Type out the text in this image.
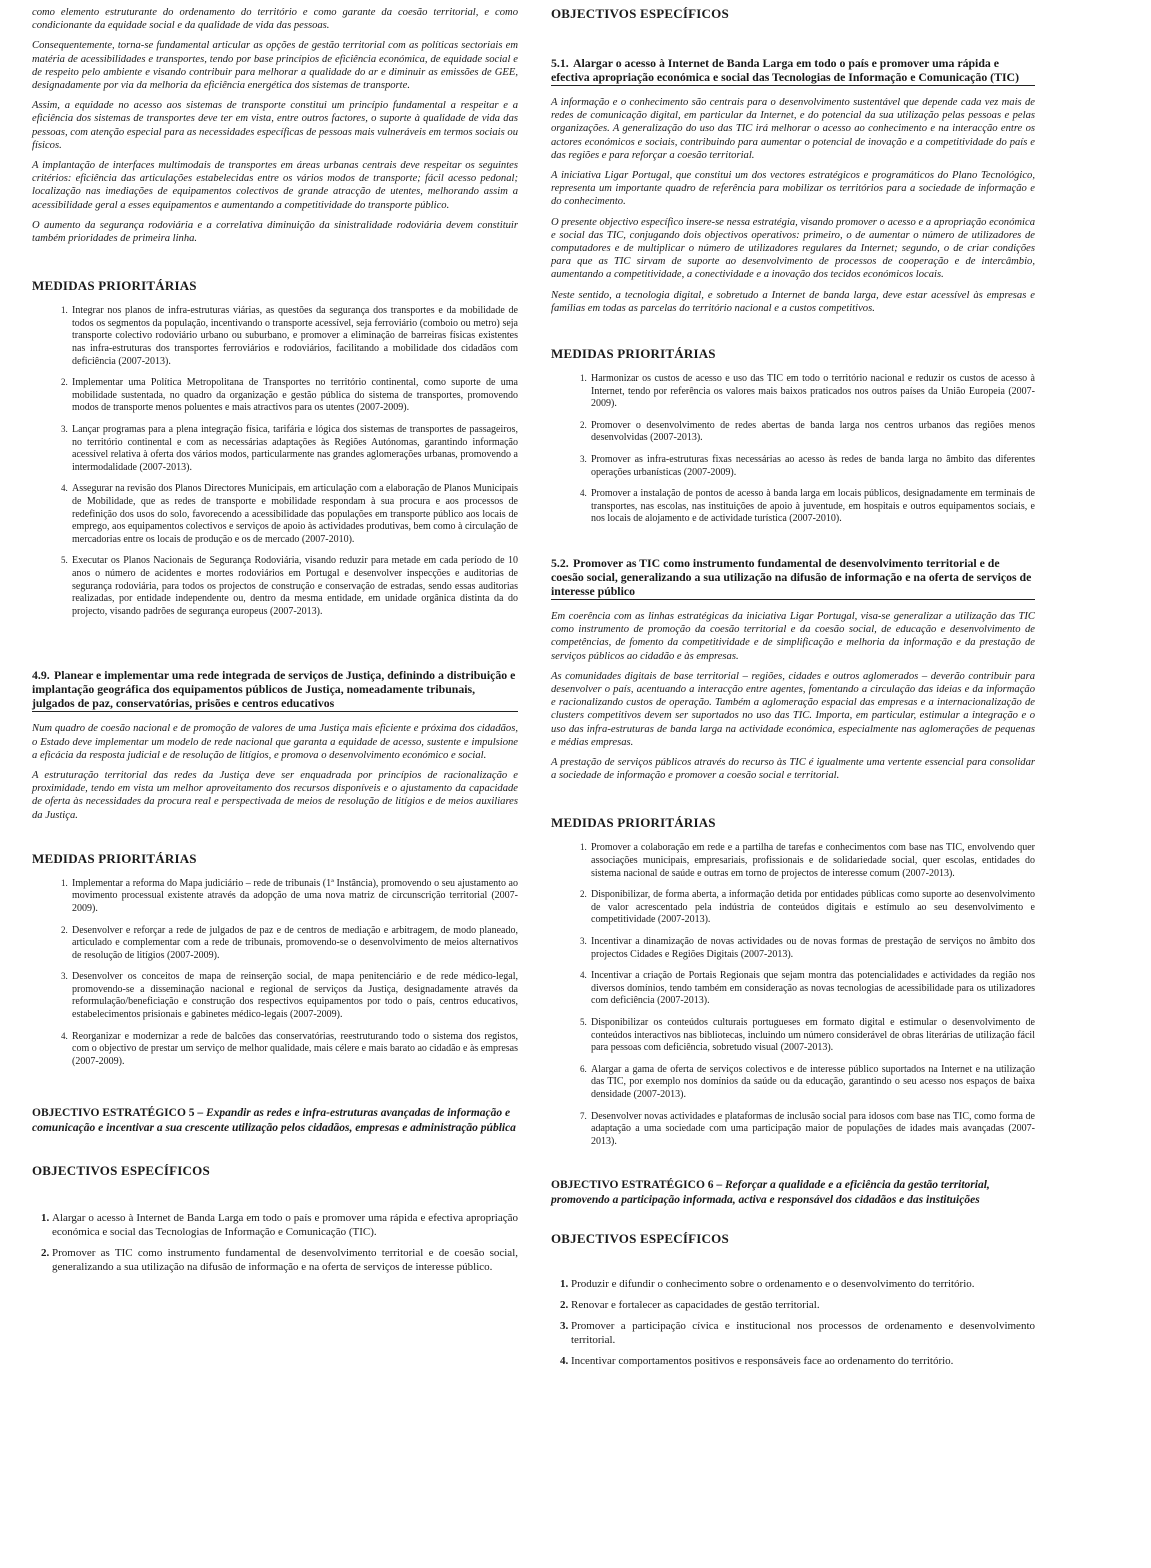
como elemento estruturante do ordenamento do território e como garante da coesão territorial, e como condicionante da equidade social e da qualidade de vida das pessoas.

Consequentemente, torna-se fundamental articular as opções de gestão territorial com as políticas sectoriais em matéria de acessibilidades e transportes, tendo por base princípios de eficiência económica, de equidade social e de respeito pelo ambiente e visando contribuir para melhorar a qualidade do ar e diminuir as emissões de GEE, designadamente por via da melhoria da eficiência energética dos sistemas de transporte.

Assim, a equidade no acesso aos sistemas de transporte constitui um princípio fundamental a respeitar e a eficiência dos sistemas de transportes deve ter em vista, entre outros factores, o suporte à qualidade de vida das pessoas, com atenção especial para as necessidades específicas de pessoas mais vulneráveis em termos sociais ou físicos.

A implantação de interfaces multimodais de transportes em áreas urbanas centrais deve respeitar os seguintes critérios: eficiência das articulações estabelecidas entre os vários modos de transporte; fácil acesso pedonal; localização nas imediações de equipamentos colectivos de grande atracção de utentes, melhorando assim a acessibilidade geral a esses equipamentos e aumentando a competitividade do transporte público.

O aumento da segurança rodoviária e a correlativa diminuição da sinistralidade rodoviária devem constituir também prioridades de primeira linha.

MEDIDAS PRIORITÁRIAS
1. Integrar nos planos de infra-estruturas viárias, as questões da segurança dos transportes e da mobilidade de todos os segmentos da população, incentivando o transporte acessível, seja ferroviário (comboio ou metro) seja transporte colectivo rodoviário urbano ou suburbano, e promover a eliminação de barreiras físicas existentes nas infra-estruturas dos transportes ferroviários e rodoviários, facilitando a mobilidade dos cidadãos com deficiência (2007-2013).
2. Implementar uma Política Metropolitana de Transportes no território continental, como suporte de uma mobilidade sustentada, no quadro da organização e gestão pública do sistema de transportes, promovendo modos de transporte menos poluentes e mais atractivos para os utentes (2007-2009).
3. Lançar programas para a plena integração física, tarifária e lógica dos sistemas de transportes de passageiros, no território continental e com as necessárias adaptações às Regiões Autónomas, garantindo informação acessível relativa à oferta dos vários modos, particularmente nas grandes aglomerações urbanas, promovendo a intermodalidade (2007-2013).
4. Assegurar na revisão dos Planos Directores Municipais, em articulação com a elaboração de Planos Municipais de Mobilidade, que as redes de transporte e mobilidade respondam à sua procura e aos processos de redefinição dos usos do solo, favorecendo a acessibilidade das populações em transporte público aos locais de emprego, aos equipamentos colectivos e serviços de apoio às actividades produtivas, bem como à circulação de mercadorias entre os locais de produção e os de mercado (2007-2010).
5. Executar os Planos Nacionais de Segurança Rodoviária, visando reduzir para metade em cada período de 10 anos o número de acidentes e mortes rodoviários em Portugal e desenvolver inspecções e auditorias de segurança rodoviária, para todos os projectos de construção e conservação de estradas, sendo essas auditorias realizadas, por entidade independente ou, dentro da mesma entidade, em unidade orgânica distinta da do projecto, visando padrões de segurança europeus (2007-2013).
4.9. Planear e implementar uma rede integrada de serviços de Justiça, definindo a distribuição e implantação geográfica dos equipamentos públicos de Justiça, nomeadamente tribunais, julgados de paz, conservatórias, prisões e centros educativos

Num quadro de coesão nacional e de promoção de valores de uma Justiça mais eficiente e próxima dos cidadãos, o Estado deve implementar um modelo de rede nacional que garanta a equidade de acesso, sustente e impulsione a eficácia da resposta judicial e de resolução de litígios, e promova o desenvolvimento económico e social.

A estruturação territorial das redes da Justiça deve ser enquadrada por princípios de racionalização e proximidade, tendo em vista um melhor aproveitamento dos recursos disponíveis e o ajustamento da capacidade de oferta às necessidades da procura real e perspectivada de meios de resolução de litígios e de meios auxiliares da Justiça.

MEDIDAS PRIORITÁRIAS
1. Implementar a reforma do Mapa judiciário – rede de tribunais (1ª Instância), promovendo o seu ajustamento ao movimento processual existente através da adopção de uma nova matriz de circunscrição territorial (2007-2009).
2. Desenvolver e reforçar a rede de julgados de paz e de centros de mediação e arbitragem, de modo planeado, articulado e complementar com a rede de tribunais, promovendo-se o desenvolvimento de meios alternativos de resolução de litígios (2007-2009).
3. Desenvolver os conceitos de mapa de reinserção social, de mapa penitenciário e de rede médico-legal, promovendo-se a disseminação nacional e regional de serviços da Justiça, designadamente através da reformulação/beneficiação e construção dos respectivos equipamentos por todo o país, centros educativos, estabelecimentos prisionais e gabinetes médico-legais (2007-2009).
4. Reorganizar e modernizar a rede de balcões das conservatórias, reestruturando todo o sistema dos registos, com o objectivo de prestar um serviço de melhor qualidade, mais célere e mais barato ao cidadão e às empresas (2007-2009).

OBJECTIVO ESTRATÉGICO 5 – Expandir as redes e infra-estruturas avançadas de informação e comunicação e incentivar a sua crescente utilização pelos cidadãos, empresas e administração pública

OBJECTIVOS ESPECÍFICOS
1. Alargar o acesso à Internet de Banda Larga em todo o país e promover uma rápida e efectiva apropriação económica e social das Tecnologias de Informação e Comunicação (TIC).
2. Promover as TIC como instrumento fundamental de desenvolvimento territorial e de coesão social, generalizando a sua utilização na difusão de informação e na oferta de serviços de interesse público.
OBJECTIVOS ESPECÍFICOS
5.1. Alargar o acesso à Internet de Banda Larga em todo o país e promover uma rápida e efectiva apropriação económica e social das Tecnologias de Informação e Comunicação (TIC)

A informação e o conhecimento são centrais para o desenvolvimento sustentável que depende cada vez mais de redes de comunicação digital, em particular da Internet, e do potencial da sua utilização pelas pessoas e pelas organizações. A generalização do uso das TIC irá melhorar o acesso ao conhecimento e na interacção entre os actores económicos e sociais, contribuindo para aumentar o potencial de inovação e a competitividade do país e das regiões e para reforçar a coesão territorial.

A iniciativa Ligar Portugal, que constitui um dos vectores estratégicos e programáticos do Plano Tecnológico, representa um importante quadro de referência para mobilizar os territórios para a sociedade de informação e do conhecimento.

O presente objectivo específico insere-se nessa estratégia, visando promover o acesso e a apropriação económica e social das TIC, conjugando dois objectivos operativos: primeiro, o de aumentar o número de utilizadores de computadores e de multiplicar o número de utilizadores regulares da Internet; segundo, o de criar condições para que as TIC sirvam de suporte ao desenvolvimento de processos de cooperação e de intercâmbio, aumentando a competitividade, a conectividade e a inovação dos tecidos económicos locais.

Neste sentido, a tecnologia digital, e sobretudo a Internet de banda larga, deve estar acessível às empresas e famílias em todas as parcelas do território nacional e a custos competitivos.

MEDIDAS PRIORITÁRIAS
1. Harmonizar os custos de acesso e uso das TIC em todo o território nacional e reduzir os custos de acesso à Internet, tendo por referência os valores mais baixos praticados nos outros países da União Europeia (2007-2009).
2. Promover o desenvolvimento de redes abertas de banda larga nos centros urbanos das regiões menos desenvolvidas (2007-2013).
3. Promover as infra-estruturas fixas necessárias ao acesso às redes de banda larga no âmbito das diferentes operações urbanísticas (2007-2009).
4. Promover a instalação de pontos de acesso à banda larga em locais públicos, designadamente em terminais de transportes, nas escolas, nas instituições de apoio à juventude, em hospitais e outros equipamentos sociais, e nos locais de alojamento e de actividade turística (2007-2010).
5.2. Promover as TIC como instrumento fundamental de desenvolvimento territorial e de coesão social, generalizando a sua utilização na difusão de informação e na oferta de serviços de interesse público

Em coerência com as linhas estratégicas da iniciativa Ligar Portugal, visa-se generalizar a utilização das TIC como instrumento de promoção da coesão territorial e da coesão social, de educação e desenvolvimento de competências, de fomento da competitividade e de simplificação e melhoria da informação e da prestação de serviços públicos ao cidadão e às empresas.

As comunidades digitais de base territorial – regiões, cidades e outros aglomerados – deverão contribuir para desenvolver o país, acentuando a interacção entre agentes, fomentando a circulação das ideias e da informação e racionalizando custos de operação. Também a aglomeração espacial das empresas e a internacionalização de clusters competitivos devem ser suportados no uso das TIC. Importa, em particular, estimular a integração e o uso das infra-estruturas de banda larga na actividade económica, especialmente nas aglomerações de pequenas e médias empresas.

A prestação de serviços públicos através do recurso às TIC é igualmente uma vertente essencial para consolidar a sociedade de informação e promover a coesão social e territorial.

MEDIDAS PRIORITÁRIAS
1. Promover a colaboração em rede e a partilha de tarefas e conhecimentos com base nas TIC, envolvendo quer associações municipais, empresariais, profissionais e de solidariedade social, quer escolas, entidades do sistema nacional de saúde e outras em torno de projectos de interesse comum (2007-2013).
2. Disponibilizar, de forma aberta, a informação detida por entidades públicas como suporte ao desenvolvimento de valor acrescentado pela indústria de conteúdos digitais e estímulo ao seu desenvolvimento e competitividade (2007-2013).
3. Incentivar a dinamização de novas actividades ou de novas formas de prestação de serviços no âmbito dos projectos Cidades e Regiões Digitais (2007-2013).
4. Incentivar a criação de Portais Regionais que sejam montra das potencialidades e actividades da região nos diversos domínios, tendo também em consideração as novas tecnologias de acessibilidade para os utilizadores com deficiência (2007-2013).
5. Disponibilizar os conteúdos culturais portugueses em formato digital e estimular o desenvolvimento de conteúdos interactivos nas bibliotecas, incluindo um número considerável de obras literárias de utilização fácil para pessoas com deficiência, sobretudo visual (2007-2013).
6. Alargar a gama de oferta de serviços colectivos e de interesse público suportados na Internet e na utilização das TIC, por exemplo nos domínios da saúde ou da educação, garantindo o seu acesso nos espaços de baixa densidade (2007-2013).
7. Desenvolver novas actividades e plataformas de inclusão social para idosos com base nas TIC, como forma de adaptação a uma sociedade com uma participação maior de populações de idades mais avançadas (2007-2013).

OBJECTIVO ESTRATÉGICO 6 – Reforçar a qualidade e a eficiência da gestão territorial, promovendo a participação informada, activa e responsável dos cidadãos e das instituições

OBJECTIVOS ESPECÍFICOS
1. Produzir e difundir o conhecimento sobre o ordenamento e o desenvolvimento do território.
2. Renovar e fortalecer as capacidades de gestão territorial.
3. Promover a participação cívica e institucional nos processos de ordenamento e desenvolvimento territorial.
4. Incentivar comportamentos positivos e responsáveis face ao ordenamento do território.
